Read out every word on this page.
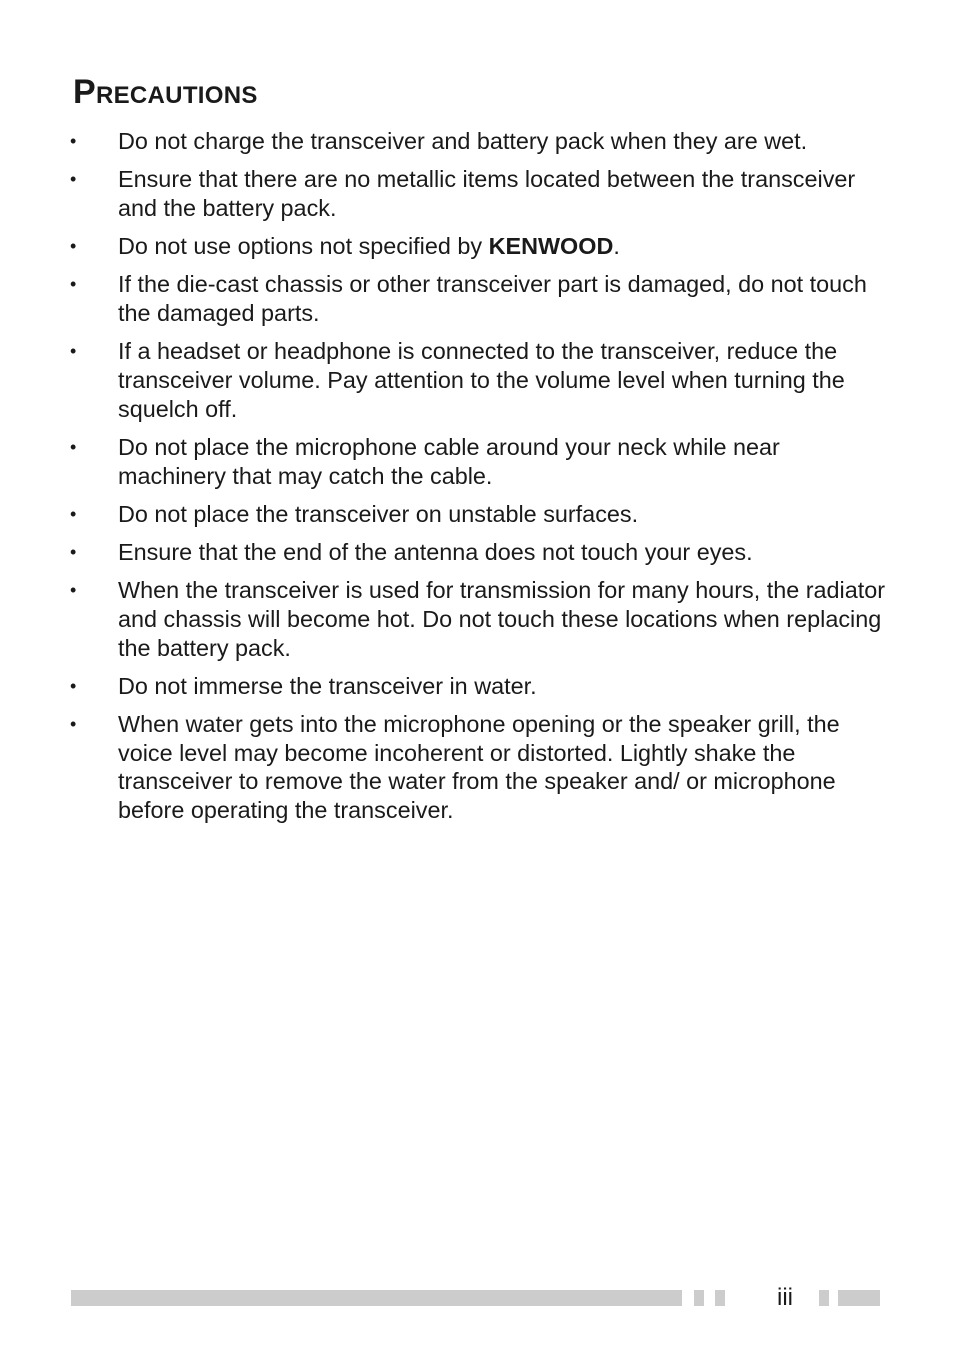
Precautions
• Do not charge the transceiver and battery pack when they are wet.
• Ensure that there are no metallic items located between the transceiver and the battery pack.
• Do not use options not specified by KENWOOD.
• If the die-cast chassis or other transceiver part is damaged, do not touch the damaged parts.
• If a headset or headphone is connected to the transceiver, reduce the transceiver volume. Pay attention to the volume level when turning the squelch off.
• Do not place the microphone cable around your neck while near machinery that may catch the cable.
• Do not place the transceiver on unstable surfaces.
• Ensure that the end of the antenna does not touch your eyes.
• When the transceiver is used for transmission for many hours, the radiator and chassis will become hot. Do not touch these locations when replacing the battery pack.
• Do not immerse the transceiver in water.
• When water gets into the microphone opening or the speaker grill, the voice level may become incoherent or distorted. Lightly shake the transceiver to remove the water from the speaker and/ or microphone before operating the transceiver.
iii
